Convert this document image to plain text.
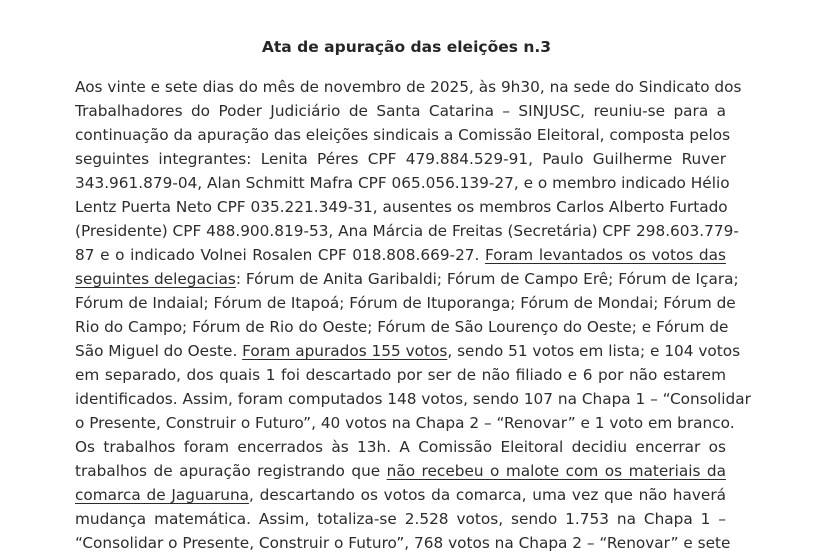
Ata de apuração das eleições n.3
Aos vinte e sete dias do mês de novembro de 2025, às 9h30, na sede do Sindicato dos
Trabalhadores do Poder Judiciário de Santa Catarina – SINJUSC, reuniu-se para a
continuação da apuração das eleições sindicais a Comissão Eleitoral, composta pelos
seguintes integrantes: Lenita Péres CPF 479.884.529-91, Paulo Guilherme Ruver
343.961.879-04, Alan Schmitt Mafra CPF 065.056.139-27, e o membro indicado Hélio
Lentz Puerta Neto CPF 035.221.349-31, ausentes os membros Carlos Alberto Furtado
(Presidente) CPF 488.900.819-53, Ana Márcia de Freitas (Secretária) CPF 298.603.779-
87 e o indicado Volnei Rosalen CPF 018.808.669-27. Foram levantados os votos das
seguintes delegacias: Fórum de Anita Garibaldi; Fórum de Campo Erê; Fórum de Içara;
Fórum de Indaial; Fórum de Itapoá; Fórum de Ituporanga; Fórum de Mondai; Fórum de
Rio do Campo; Fórum de Rio do Oeste; Fórum de São Lourenço do Oeste; e Fórum de
São Miguel do Oeste. Foram apurados 155 votos, sendo 51 votos em lista; e 104 votos
em separado, dos quais 1 foi descartado por ser de não filiado e 6 por não estarem
identificados. Assim, foram computados 148 votos, sendo 107 na Chapa 1 – “Consolidar
o Presente, Construir o Futuro”, 40 votos na Chapa 2 – “Renovar” e 1 voto em branco.
Os trabalhos foram encerrados às 13h. A Comissão Eleitoral decidiu encerrar os
trabalhos de apuração registrando que não recebeu o malote com os materiais da
comarca de Jaguaruna, descartando os votos da comarca, uma vez que não haverá
mudança matemática. Assim, totaliza-se 2.528 votos, sendo 1.753 na Chapa 1 –
“Consolidar o Presente, Construir o Futuro”, 768 votos na Chapa 2 – “Renovar” e sete
